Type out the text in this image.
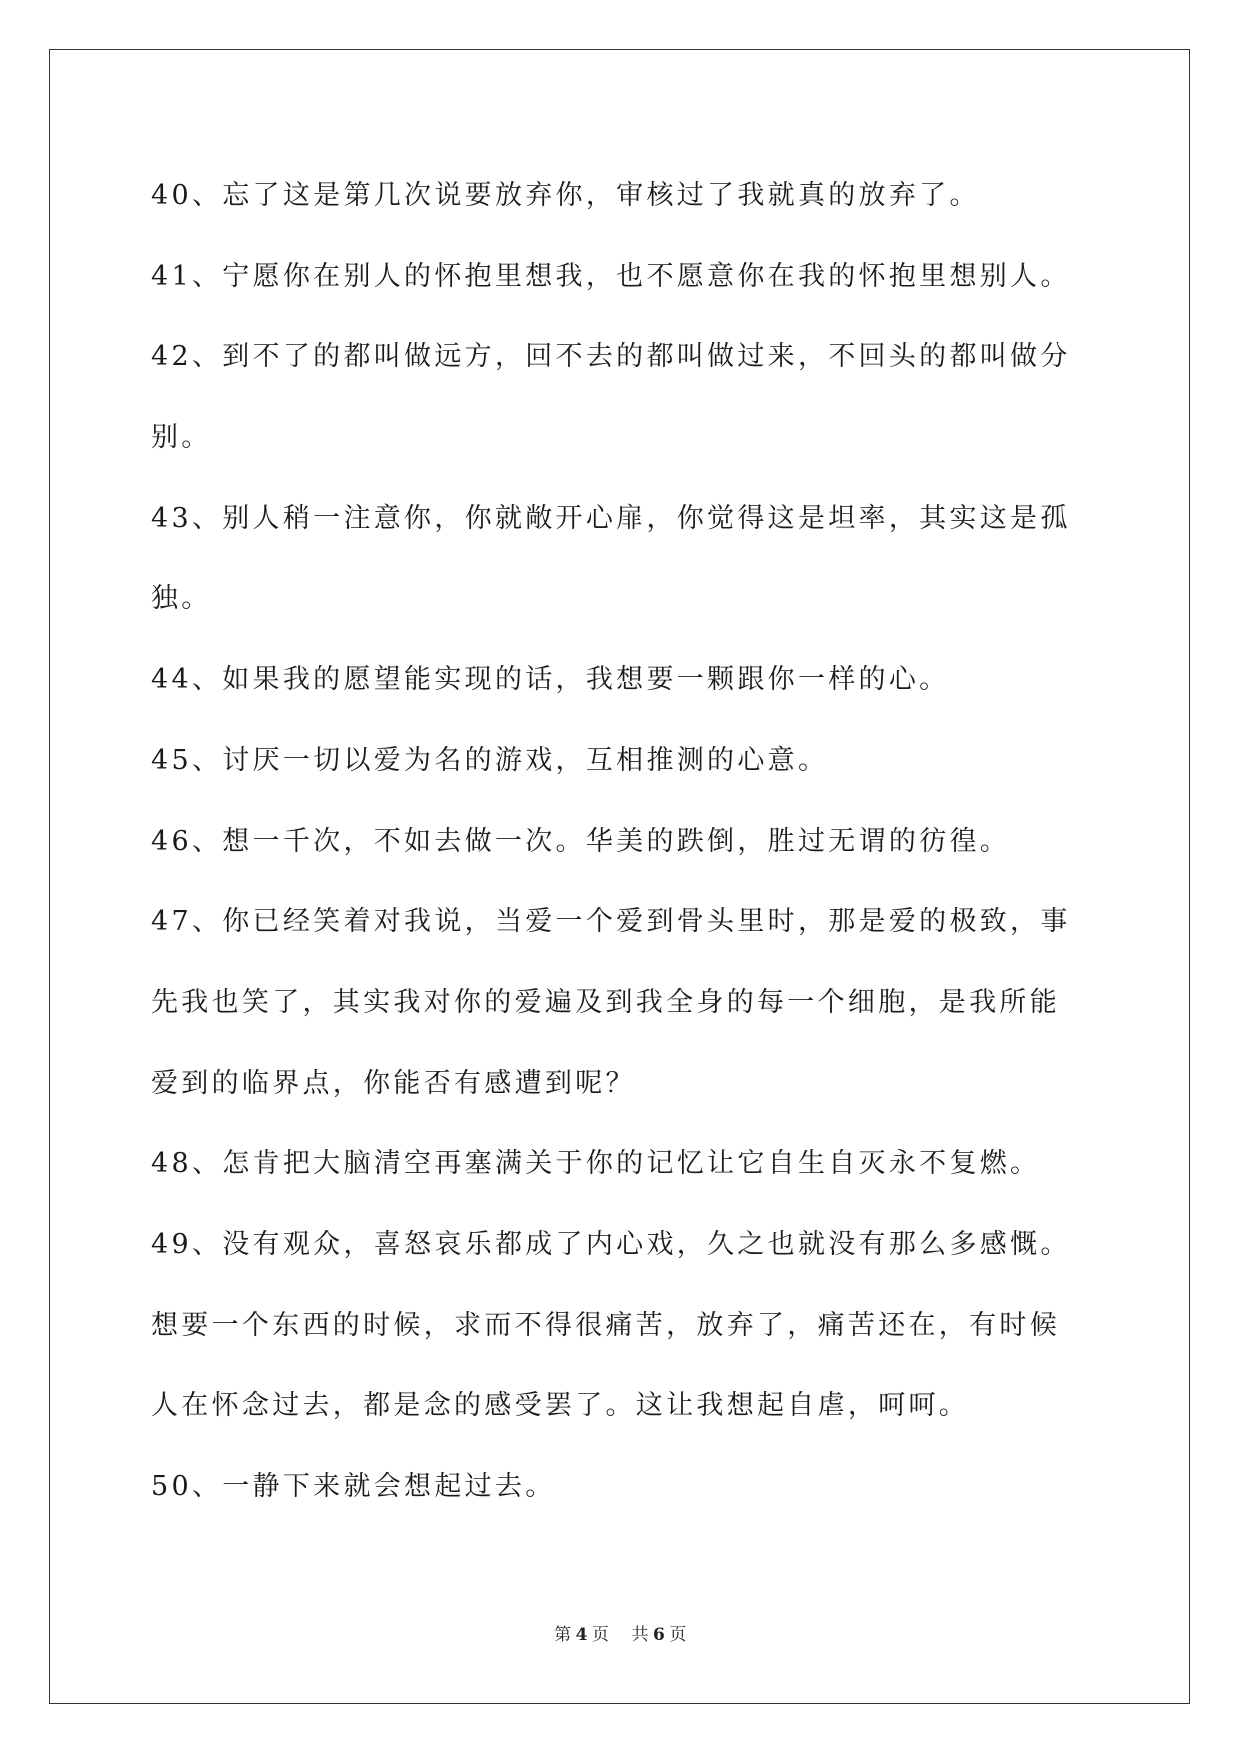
40、忘了这是第几次说要放弃你，审核过了我就真的放弃了。
41、宁愿你在别人的怀抱里想我，也不愿意你在我的怀抱里想别人。
42、到不了的都叫做远方，回不去的都叫做过来，不回头的都叫做分
别。
43、别人稍一注意你，你就敞开心扉，你觉得这是坦率，其实这是孤
独。
44、如果我的愿望能实现的话，我想要一颗跟你一样的心。
45、讨厌一切以爱为名的游戏，互相推测的心意。
46、想一千次，不如去做一次。华美的跌倒，胜过无谓的彷徨。
47、你已经笑着对我说，当爱一个爱到骨头里时，那是爱的极致，事
先我也笑了，其实我对你的爱遍及到我全身的每一个细胞，是我所能
爱到的临界点，你能否有感遭到呢？
48、怎肯把大脑清空再塞满关于你的记忆让它自生自灭永不复燃。
49、没有观众，喜怒哀乐都成了内心戏，久之也就没有那么多感慨。
想要一个东西的时候，求而不得很痛苦，放弃了，痛苦还在，有时候
人在怀念过去，都是念的感受罢了。这让我想起自虐，呵呵。
50、一静下来就会想起过去。
第 4 页 共 6 页
